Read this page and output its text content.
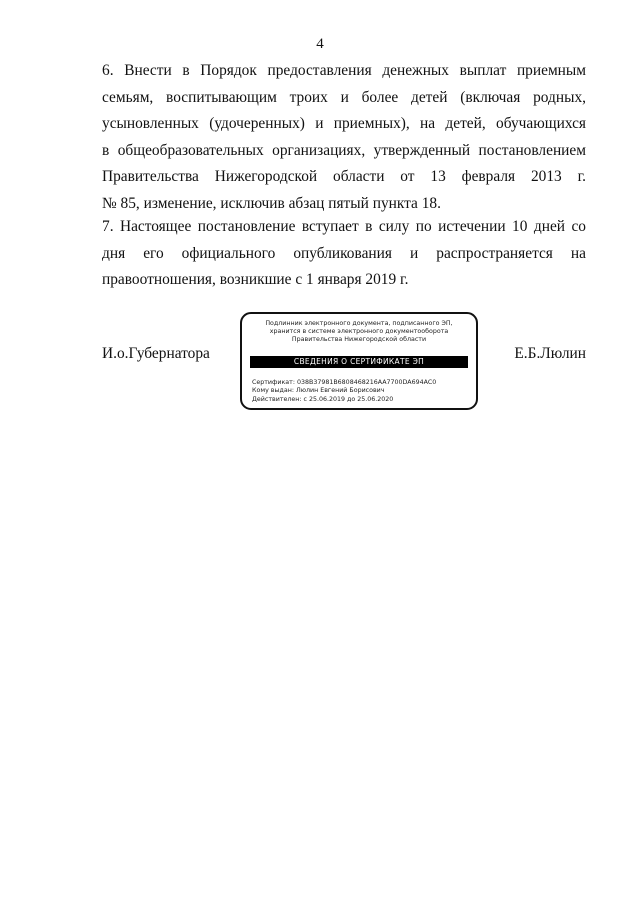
4
6. Внести в Порядок предоставления денежных выплат приемным
семьям, воспитывающим троих и более детей (включая родных,
усыновленных (удочеренных) и приемных), на детей, обучающихся
в общеобразовательных организациях, утвержденный постановлением
Правительства Нижегородской области от 13 февраля 2013 г.
№ 85, изменение, исключив абзац пятый пункта 18.
7. Настоящее постановление вступает в силу по истечении 10 дней со
дня его официального опубликования и распространяется на
правоотношения, возникшие с 1 января 2019 г.
И.о.Губернатора
Подлинник электронного документа, подписанного ЭП,
хранится в системе электронного документооборота
Правительства Нижегородской области
СВЕДЕНИЯ О СЕРТИФИКАТЕ ЭП
Сертификат: 038B37981B6808468216AA7700DA694AC0
Кому выдан: Люлин Евгений Борисович
Действителен: с 25.06.2019 до 25.06.2020
Е.Б.Люлин
